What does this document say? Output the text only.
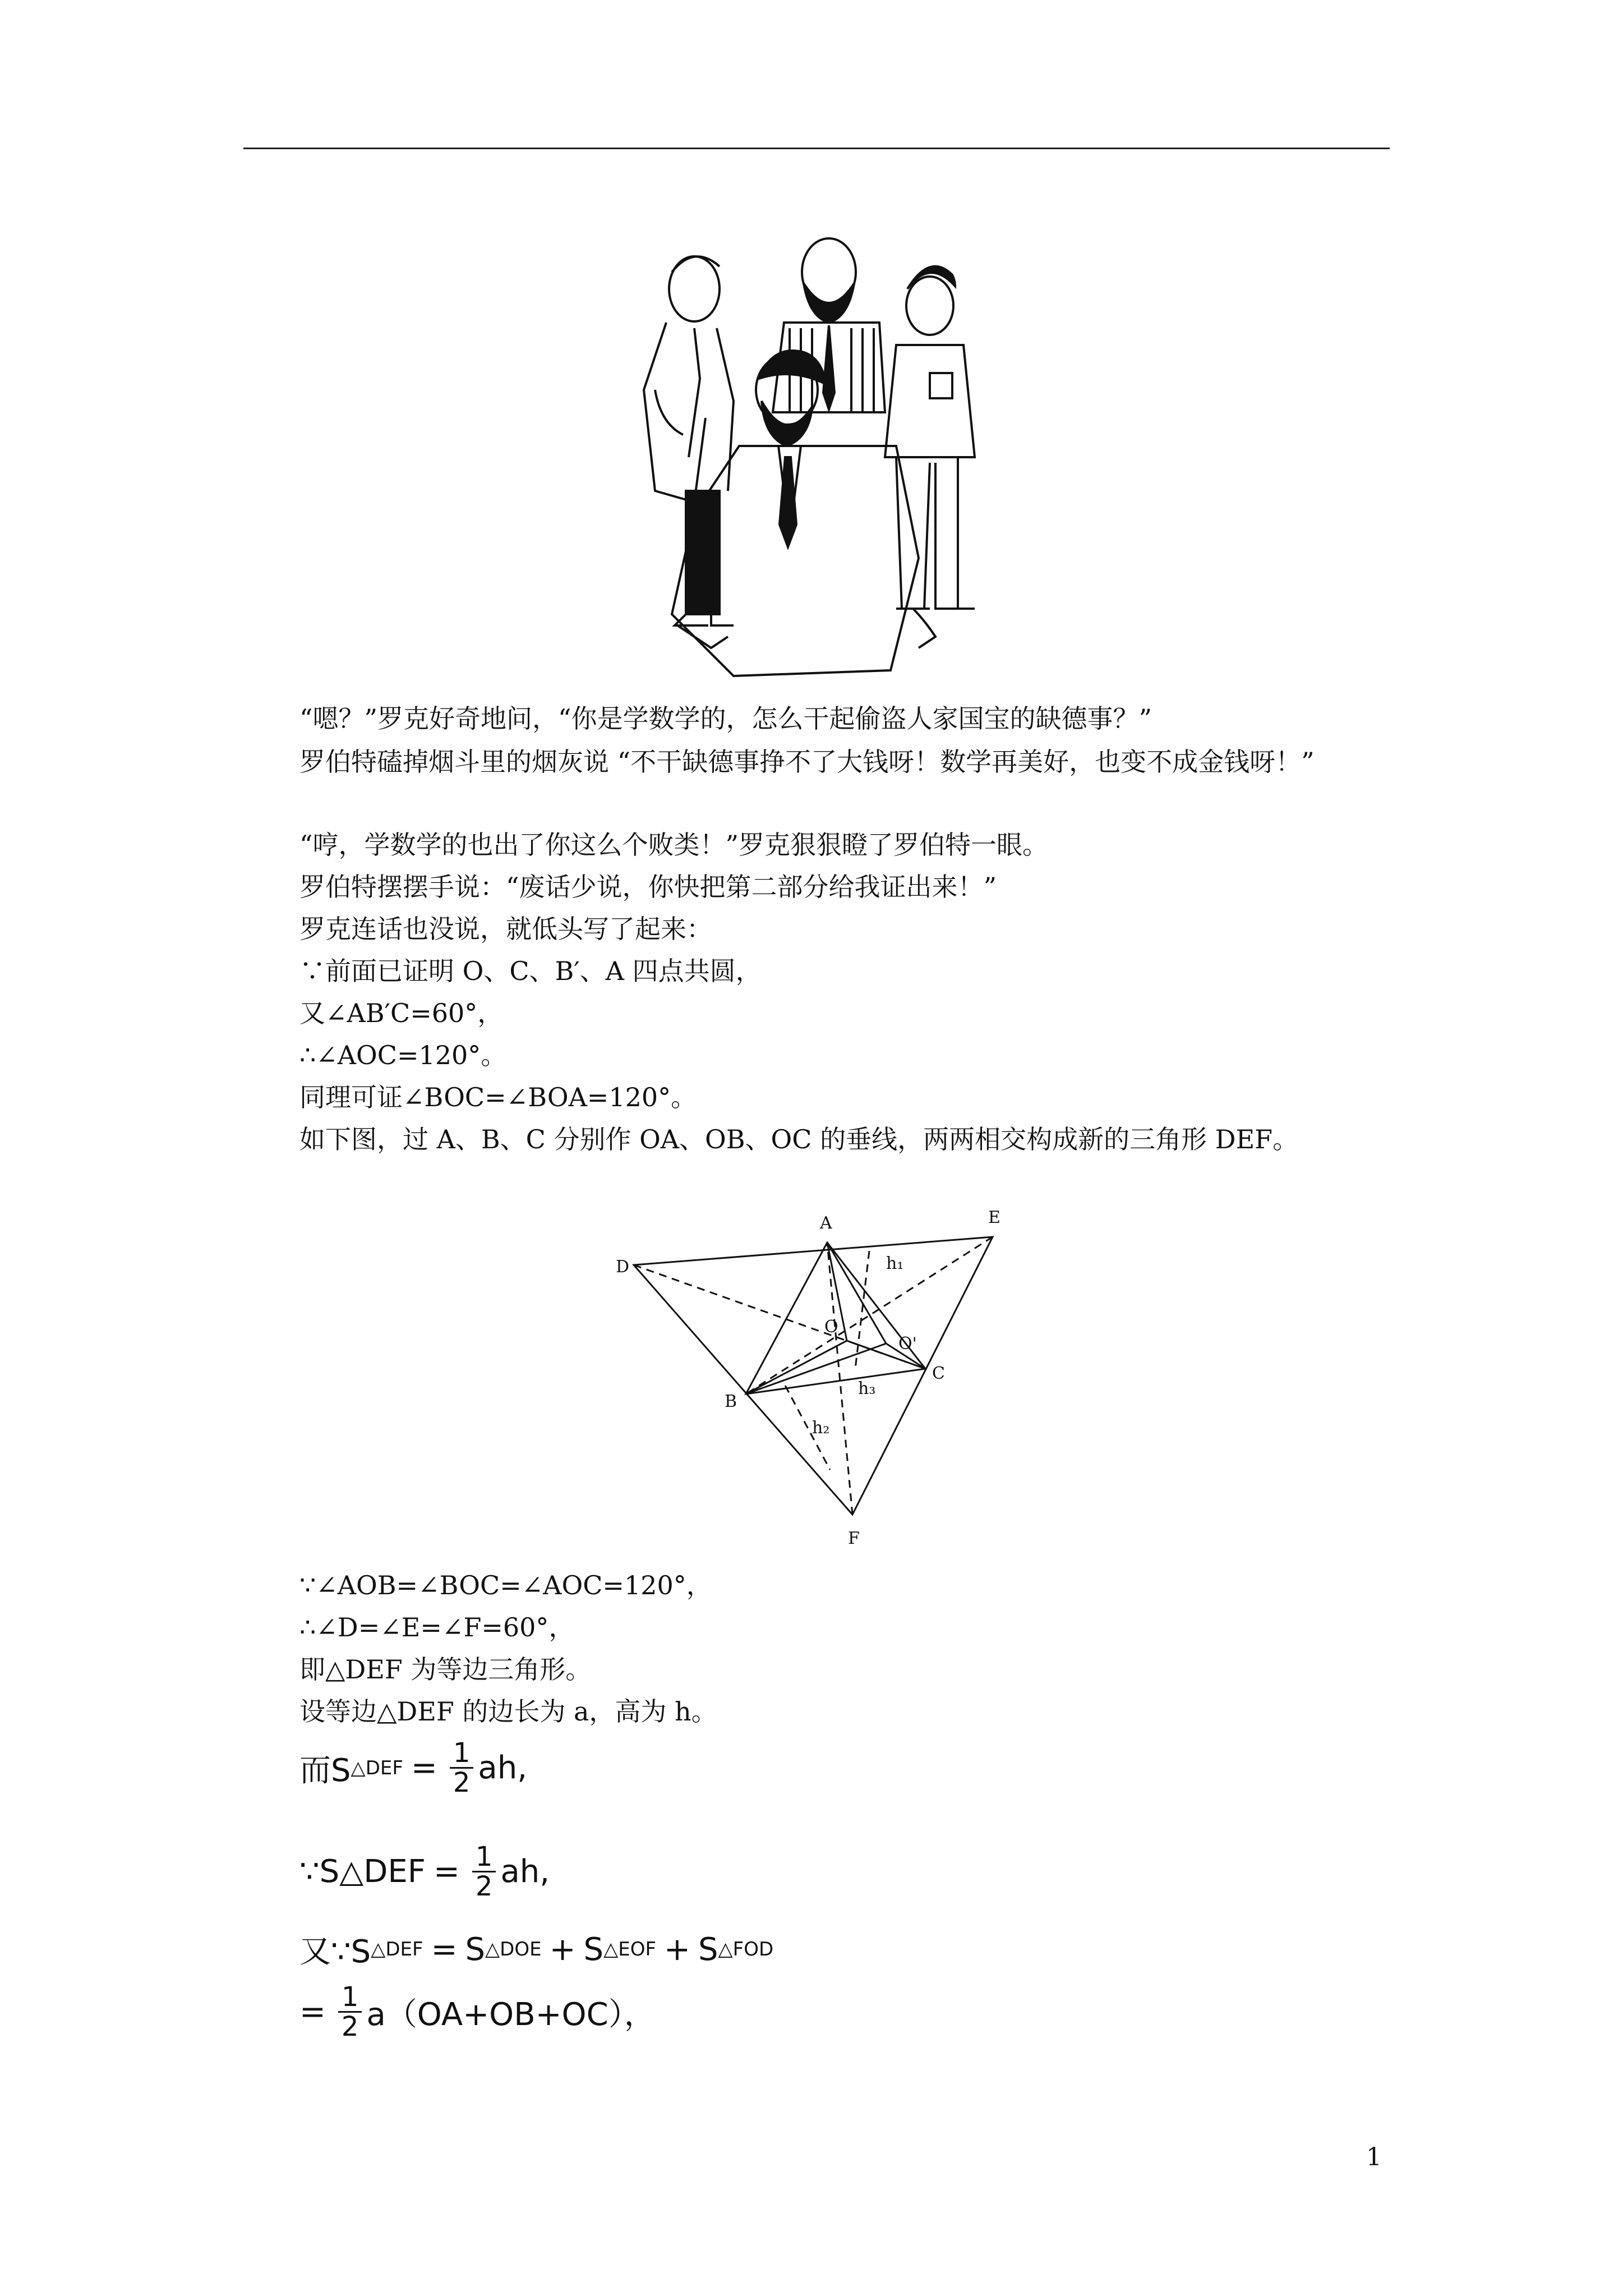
“嗯？”罗克好奇地问，“你是学数学的，怎么干起偷盗人家国宝的缺德事？”

罗伯特磕掉烟斗里的烟灰说 “不干缺德事挣不了大钱呀！数学再美好，也变不成金钱呀！”

“哼，学数学的也出了你这么个败类！”罗克狠狠瞪了罗伯特一眼。

罗伯特摆摆手说：“废话少说，你快把第二部分给我证出来！”

罗克连话也没说，就低头写了起来：

∵前面已证明 O、C、B′、A 四点共圆，

又∠AB′C=60°，

∴∠AOC=120°。

同理可证∠BOC=∠BOA=120°。

如下图，过 A、B、C 分别作 OA、OB、OC 的垂线，两两相交构成新的三角形 DEF。

A	E
D
O
O'
C
B
F
h₁
h₂
h₃

∵∠AOB=∠BOC=∠AOC=120°，

∴∠D=∠E=∠F=60°，

即△DEF 为等边三角形。

设等边△DEF 的边长为 a，高为 h。

而S △DEF = $\frac{1}{2}$ ah,
∵S△DEF = $\frac{1}{2}$ ah,
又∵S △DEF = S △DOE + S △EOF + S △FOD
= $\frac{1}{2} a(OA+OB+OC)$，
1
